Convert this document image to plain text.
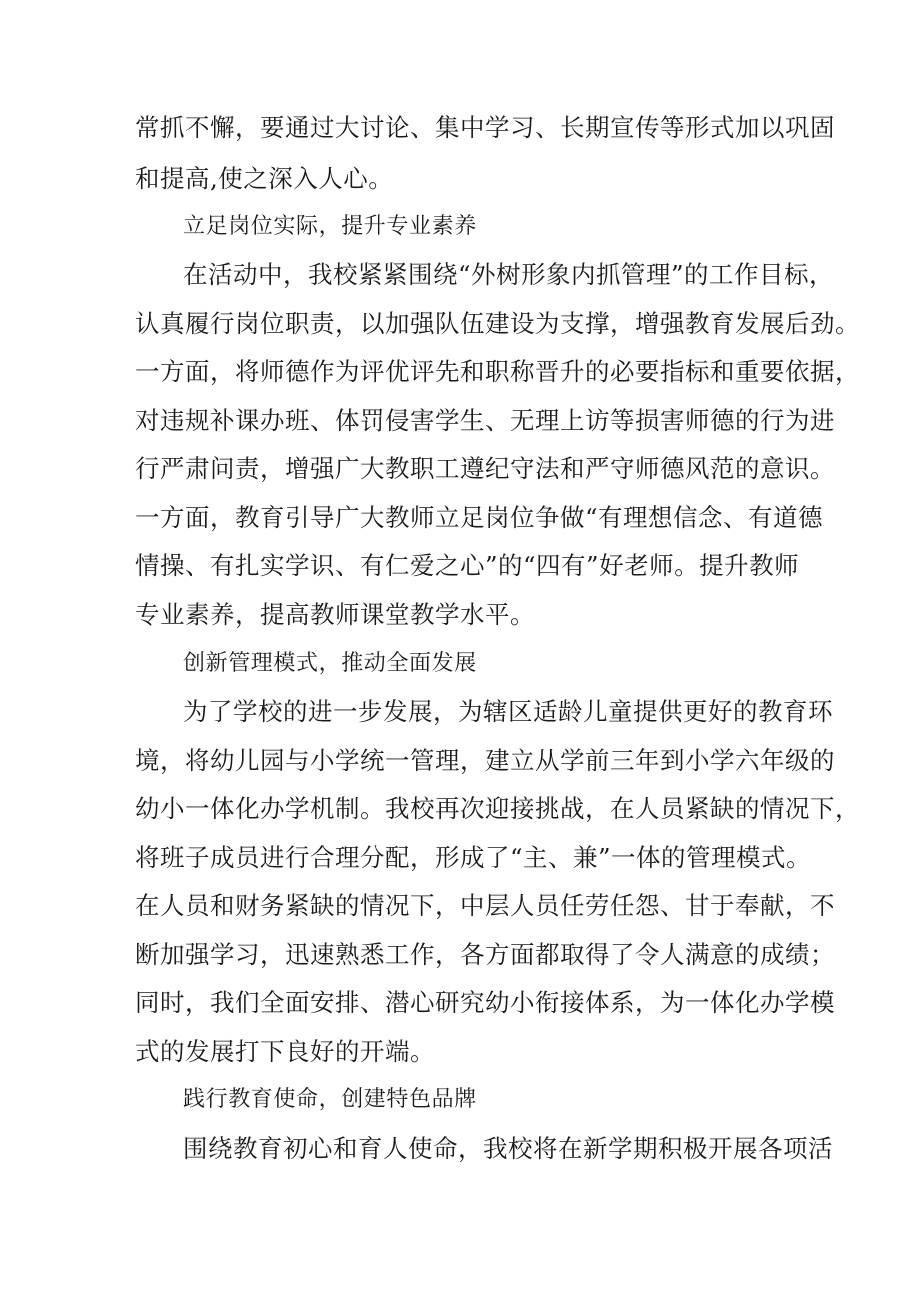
常抓不懈，要通过大讨论、集中学习、长期宣传等形式加以巩固
和提高,使之深入人心。
立足岗位实际，提升专业素养
在活动中，我校紧紧围绕“外树形象内抓管理”的工作目标，
认真履行岗位职责，以加强队伍建设为支撑，增强教育发展后劲。
一方面，将师德作为评优评先和职称晋升的必要指标和重要依据，
对违规补课办班、体罚侵害学生、无理上访等损害师德的行为进
行严肃问责，增强广大教职工遵纪守法和严守师德风范的意识。
一方面，教育引导广大教师立足岗位争做“有理想信念、有道德
情操、有扎实学识、有仁爱之心”的“四有”好老师。提升教师
专业素养，提高教师课堂教学水平。
创新管理模式，推动全面发展
为了学校的进一步发展，为辖区适龄儿童提供更好的教育环
境，将幼儿园与小学统一管理，建立从学前三年到小学六年级的
幼小一体化办学机制。我校再次迎接挑战，在人员紧缺的情况下，
将班子成员进行合理分配，形成了“主、兼”一体的管理模式。
在人员和财务紧缺的情况下，中层人员任劳任怨、甘于奉献，不
断加强学习，迅速熟悉工作，各方面都取得了令人满意的成绩；
同时，我们全面安排、潜心研究幼小衔接体系，为一体化办学模
式的发展打下良好的开端。
践行教育使命，创建特色品牌
围绕教育初心和育人使命，我校将在新学期积极开展各项活
